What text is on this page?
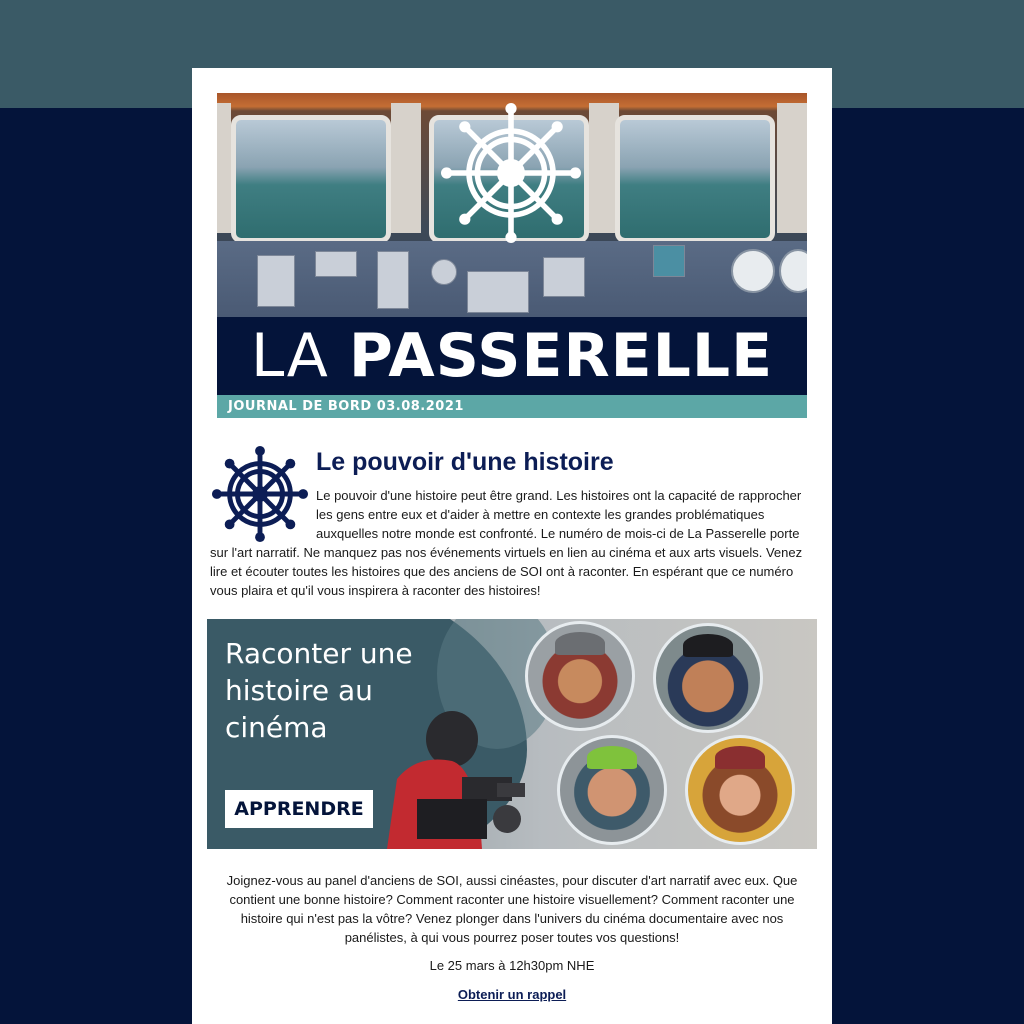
LA PASSERELLE
JOURNAL DE BORD 03.08.2021
Le pouvoir d'une histoire

Le pouvoir d'une histoire peut être grand. Les histoires ont la capacité de rapprocher les gens entre eux et d'aider à mettre en contexte les grandes problématiques auxquelles notre monde est confronté. Le numéro de mois-ci de La Passerelle porte sur l'art narratif. Ne manquez pas nos événements virtuels en lien au cinéma et aux arts visuels. Venez lire et écouter toutes les histoires que des anciens de SOI ont à raconter. En espérant que ce numéro vous plaira et qu'il vous inspirera à raconter des histoires!

Raconter une histoire au cinéma
APPRENDRE

Joignez-vous au panel d'anciens de SOI, aussi cinéastes, pour discuter d'art narratif avec eux. Que contient une bonne histoire? Comment raconter une histoire visuellement? Comment raconter une histoire qui n'est pas la vôtre? Venez plonger dans l'univers du cinéma documentaire avec nos panélistes, à qui vous pourrez poser toutes vos questions!

Le 25 mars à 12h30pm NHE
Obtenir un rappel
